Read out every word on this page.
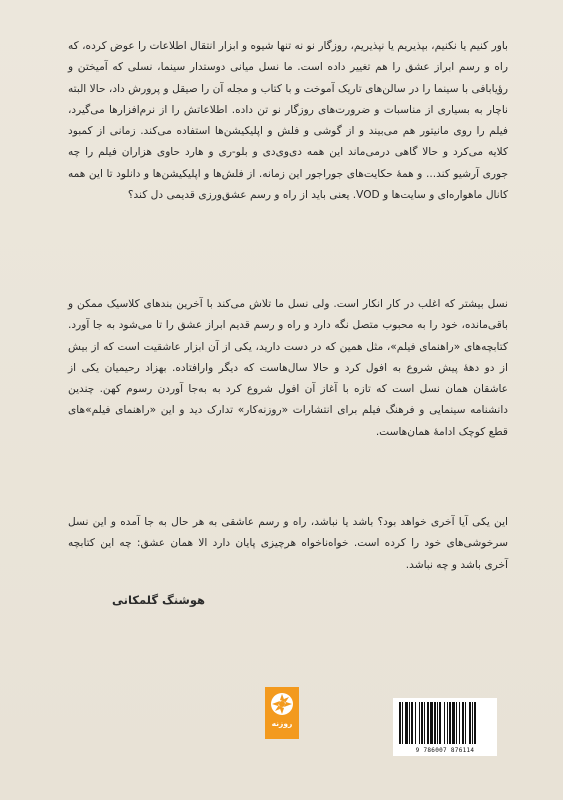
باور کنیم یا نکنیم، بپذیریم یا نپذیریم، روزگار نو نه تنها شیوه و ابزار انتقال اطلاعات را عوض کرده، که راه و رسم ابراز عشق را هم تغییر داده است. ما نسل میانی دوستدار سینما، نسلی که آمیختن و رؤیابافی با سینما را در سالن‌های تاریک آموخت و با کتاب و مجله آن را صیقل و پرورش داد، حالا البته ناچار به بسیاری از مناسبات و ضرورت‌های روزگار نو تن داده. اطلاعاتش را از نرم‌افزارها می‌گیرد، فیلم را روی مانیتور هم می‌بیند و از گوشی و فلش و اپلیکیشن‌ها استفاده می‌کند. زمانی از کمبود کلایه می‌کرد و حالا گاهی درمی‌ماند این همه دی‌وی‌دی و بلو-ری و هارد حاوی هزاران فیلم را چه جوری آرشیو کند... و همهٔ حکایت‌های جوراجور این زمانه. از فلش‌ها و اپلیکیشن‌ها و دانلود تا این همه کانال ماهواره‌ای و سایت‌ها و VOD. یعنی باید از راه و رسم عشق‌ورزی قدیمی دل کند؟
نسل بیشتر که اغلب در کار انکار است. ولی نسل ما تلاش می‌کند با آخرین بندهای کلاسیک ممکن و باقی‌مانده، خود را به محبوب متصل نگه دارد و راه و رسم قدیم ابراز عشق را تا می‌شود به جا آورد. کتابچه‌های «راهنمای فیلم»، مثل همین که در دست دارید، یکی از آن ابزار عاشقیت است که از بیش از دو دههٔ پیش شروع به افول کرد و حالا سال‌هاست که دیگر وارافتاده. بهزاد رحیمیان یکی از عاشقان همان نسل است که تازه با آغاز آن افول شروع کرد به به‌جا آوردن رسوم کهن. چندین دانشنامه سینمایی و فرهنگ فیلم برای انتشارات «روزنه‌کار» تدارک دید و این «راهنمای فیلم»های قطع کوچک ادامهٔ همان‌هاست.
این یکی آیا آخری خواهد بود؟ باشد یا نباشد، راه و رسم عاشقی به هر حال به جا آمده و این نسل سرخوشی‌های خود را کرده است. خواه‌ناخواه هرچیزی پایان دارد الا همان عشق: چه این کتابچه آخری باشد و چه نباشد.
هوشنگ گلمکانی
روزنه
9 786007 876114
